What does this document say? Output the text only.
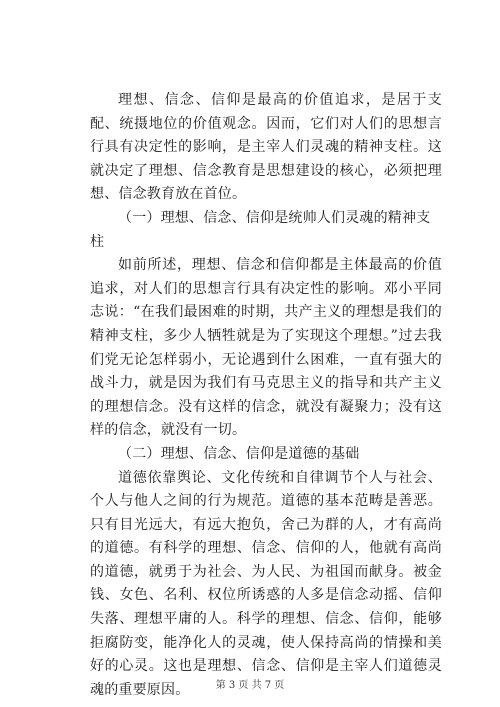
理想、信念、信仰是最高的价值追求，是居于支配、统摄地位的价值观念。因而，它们对人们的思想言行具有决定性的影响，是主宰人们灵魂的精神支柱。这就决定了理想、信念教育是思想建设的核心，必须把理想、信念教育放在首位。

（一）理想、信念、信仰是统帅人们灵魂的精神支柱

如前所述，理想、信念和信仰都是主体最高的价值追求，对人们的思想言行具有决定性的影响。邓小平同志说：“在我们最困难的时期，共产主义的理想是我们的精神支柱，多少人牺牲就是为了实现这个理想。”过去我们党无论怎样弱小，无论遇到什么困难，一直有强大的战斗力，就是因为我们有马克思主义的指导和共产主义的理想信念。没有这样的信念，就没有凝聚力；没有这样的信念，就没有一切。

（二）理想、信念、信仰是道德的基础

道德依靠舆论、文化传统和自律调节个人与社会、个人与他人之间的行为规范。道德的基本范畴是善恶。只有目光远大，有远大抱负，舍己为群的人，才有高尚的道德。有科学的理想、信念、信仰的人，他就有高尚的道德，就勇于为社会、为人民、为祖国而献身。被金钱、女色、名利、权位所诱惑的人多是信念动摇、信仰失落、理想平庸的人。科学的理想、信念、信仰，能够拒腐防变，能净化人的灵魂，使人保持高尚的情操和美好的心灵。这也是理想、信念、信仰是主宰人们道德灵魂的重要原因。	第 3 页 共 7 页
